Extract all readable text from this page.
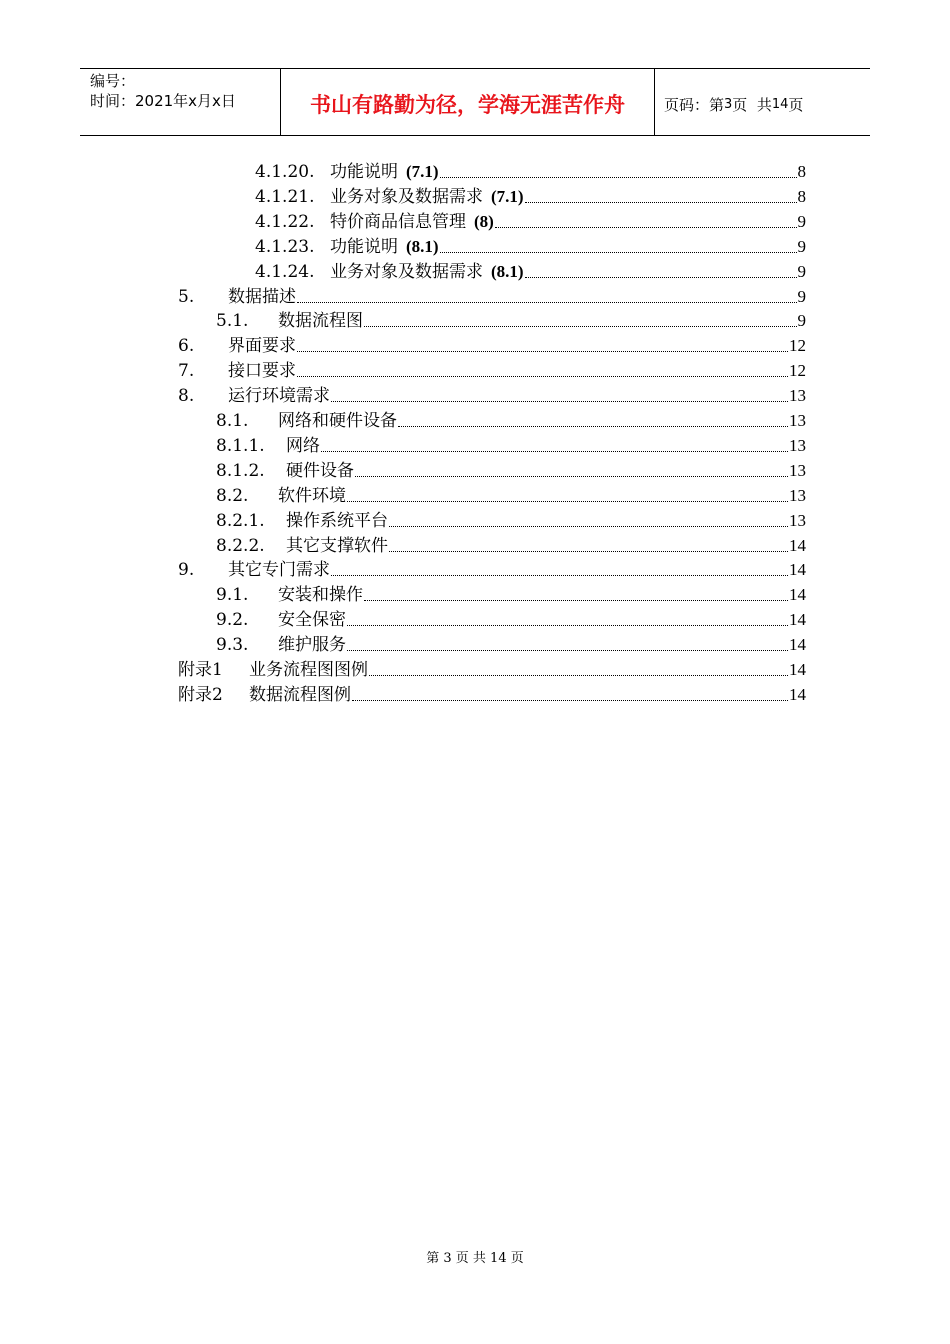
编号：
时间：2021年x月x日	书山有路勤为径，学海无涯苦作舟	页码：第 3 页  共 14 页
4.1.20. 功能说明 (7.1)	8
4.1.21. 业务对象及数据需求 (7.1)	8
4.1.22. 特价商品信息管理 (8)	9
4.1.23. 功能说明 (8.1)	9
4.1.24. 业务对象及数据需求 (8.1)	9
5.	数据描述	9
5.1.	数据流程图	9
6.	界面要求	12
7.	接口要求	12
8.	运行环境需求	13
8.1.	网络和硬件设备	13
8.1.1.	网络	13
8.1.2.	硬件设备	13
8.2.	软件环境	13
8.2.1.	操作系统平台	13
8.2.2.	其它支撑软件	14
9.	其它专门需求	14
9.1.	安装和操作	14
9.2.	安全保密	14
9.3.	维护服务	14
附录1	业务流程图图例	14
附录2	数据流程图例	14
第 3 页 共 14 页
